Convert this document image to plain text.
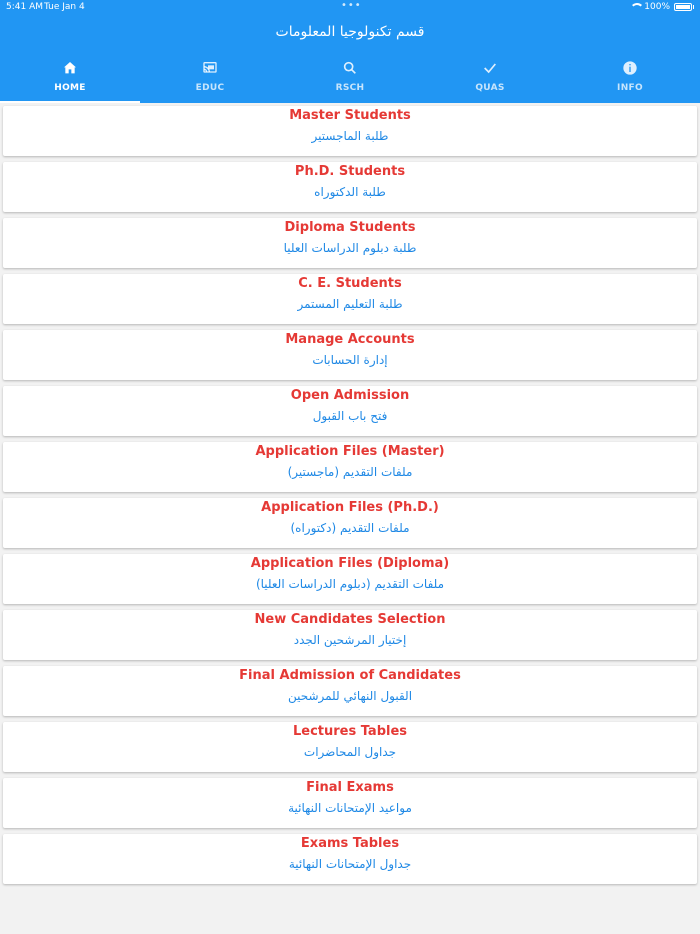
5:41 AM Tue Jan 4	•••	100%
قسم تكنولوجيا المعلومات
HOME	EDUC	RSCH	QUAS	INFO
Master Students
طلبة الماجستير
Ph.D. Students
طلبة الدكتوراه
Diploma Students
طلبة دبلوم الدراسات العليا
C. E. Students
طلبة التعليم المستمر
Manage Accounts
إدارة الحسابات
Open Admission
فتح باب القبول
Application Files (Master)
ملفات التقديم (ماجستير)
Application Files (Ph.D.)
ملفات التقديم (دكتوراه)
Application Files (Diploma)
ملفات التقديم (دبلوم الدراسات العليا)
New Candidates Selection
إختيار المرشحين الجدد
Final Admission of Candidates
القبول النهائي للمرشحين
Lectures Tables
جداول المحاضرات
Final Exams
مواعيد الإمتحانات النهائية
Exams Tables
جداول الإمتحانات النهائية
